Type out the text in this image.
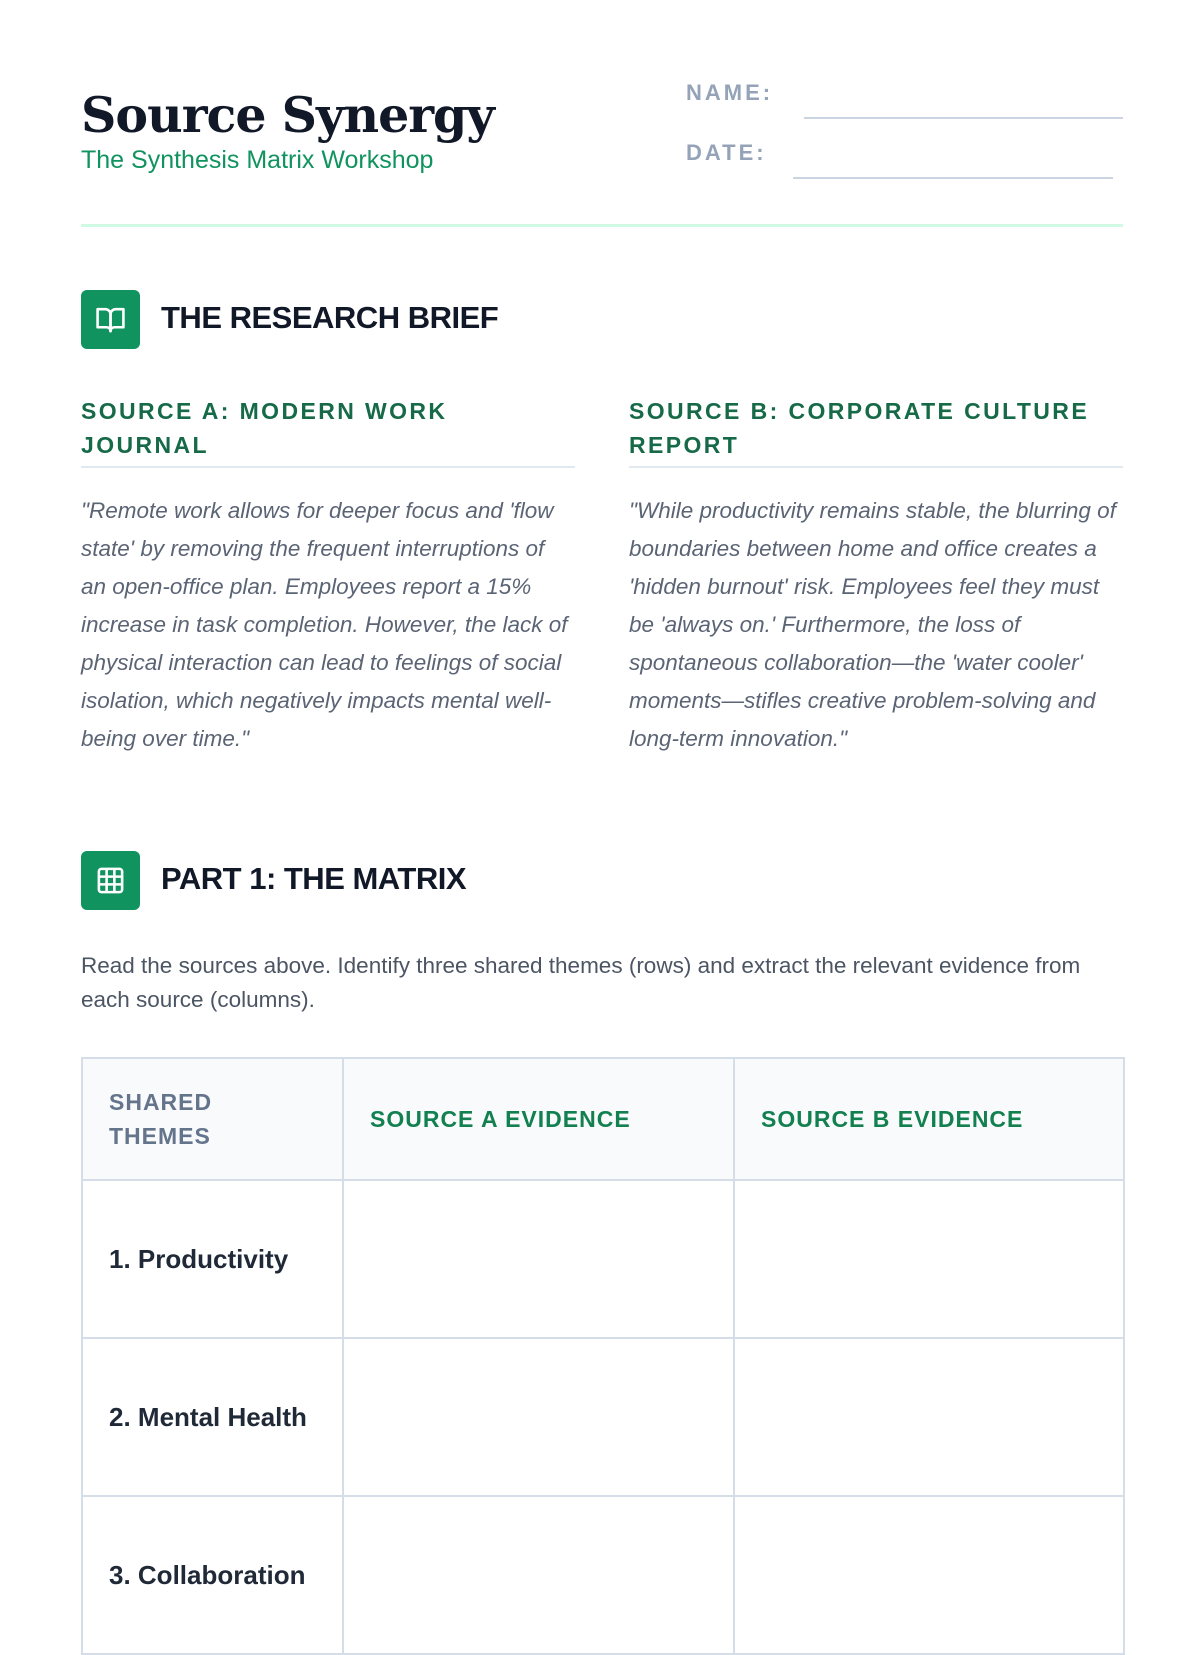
Source Synergy

The Synthesis Matrix Workshop

NAME:
DATE:
THE RESEARCH BRIEF
SOURCE A: MODERN WORK JOURNAL

"Remote work allows for deeper focus and 'flow state' by removing the frequent interruptions of an open-office plan. Employees report a 15% increase in task completion. However, the lack of physical interaction can lead to feelings of social isolation, which negatively impacts mental well-being over time."

SOURCE B: CORPORATE CULTURE REPORT

"While productivity remains stable, the blurring of boundaries between home and office creates a 'hidden burnout' risk. Employees feel they must be 'always on.' Furthermore, the loss of spontaneous collaboration—the 'water cooler' moments—stifles creative problem-solving and long-term innovation."

PART 1: THE MATRIX

Read the sources above. Identify three shared themes (rows) and extract the relevant evidence from each source (columns).

SHARED THEMES	SOURCE A EVIDENCE	SOURCE B EVIDENCE
1. Productivity		
2. Mental Health		
3. Collaboration		
